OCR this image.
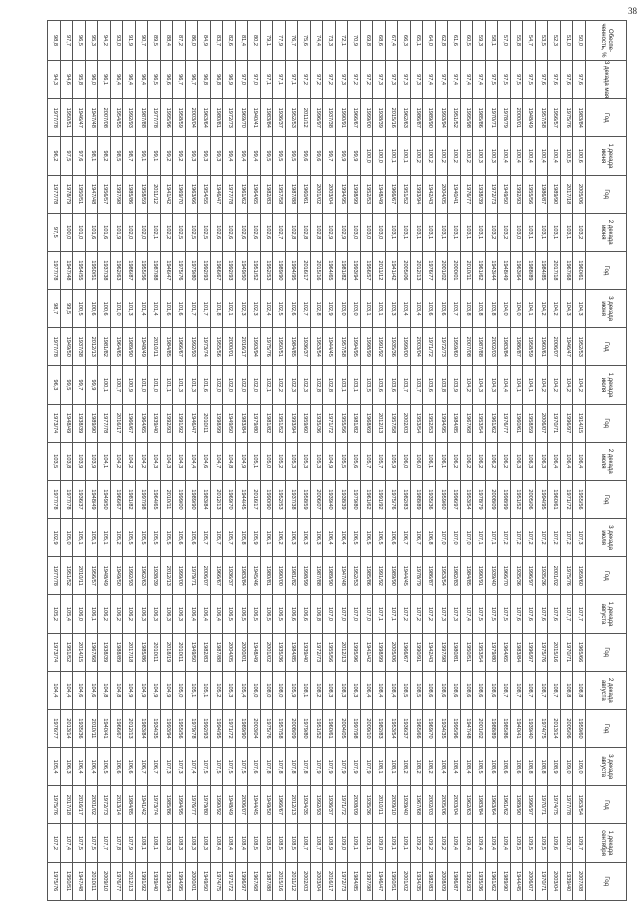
38
Обеспе-ченность, %	3 декада мая	Год	1 декада июня	Год	2 декада июня	Год	3 декада июня	Год	1 декада июля	Год	2 декада июля	Год	3 декада июля	Год	1 декада августа	Год	2 декада августа	Год	3 декада августа	Год	1 декада сентября	Год
50,0	97,6	1983/84	100,6	2005/06	103,2	1960/61	104,3	1952/53	104,2	1914/15	106,4	1955/56	107,3	1959/60	107,7	1965/66	108,8	1959/60	109,0	1953/54	109,7	2007/08
51,0	97,6	1975/76	100,5	2017/18	103,1	1967/68	104,3	1946/47	104,2	1996/97	106,4	1971/72	107,2	1975/76	107,7	1970/71	108,8	2005/06	109,0	1977/78	109,7	1939/40
52,3	97,6	1956/57	100,4	1989/90	103,1	2017/18	104,2	2006/07	104,2	1970/71	106,4	1960/61	107,2	2001/02	107,6	2015/16	108,7	2013/14	108,9	1974/75	109,6	2003/04
53,5	97,6	1957/58	100,4	1986/87	103,1	1984/85	104,2	1960/61	104,2	2006/07	106,3	1994/95	107,2	1935/36	107,6	1975/76	108,7	1974/75	108,8	1970/71	109,5	1970/71
54,7	97,5	1948/49	100,4	1955/56	103,1	1988/89	104,1	1958/59	104,1	1958/59	106,3	2005/06	107,2	1996/97	107,6	1996/97	108,7	1939/40	108,8	1996/97	109,5	2006/07
55,8	97,5	2000/01	100,4	1992/93	103,0	1963/64	104,0	1986/87	104,1	1960/61	106,3	1951/52	107,2	1935/36	107,6	1983/84	108,7	1940/41	108,6	1989/90	109,5	1944/45
57,0	97,5	1978/79	100,4	1949/50	103,2	1948/49	104,0	1983/84	104,4	1976/77	106,2	1998/99	107,2	1966/70	107,5	1964/65	108,7	1985/86	108,6	1961/62	109,4	1989/90
58,1	97,5	1970/71	100,3	1972/73	103,2	1943/44	103,8	2002/03	104,3	1961/62	106,2	2008/09	107,1	1939/40	107,5	1979/80	108,6	1988/89	108,6	1963/64	109,4	1961/62
59,3	97,4	1985/86	100,3	1938/39	103,1	1961/62	103,8	1987/88	104,3	1953/54	106,2	1978/79	107,1	1990/91	107,5	1953/54	108,6	2001/02	108,5	1983/84	109,4	1935/36
60,5	97,4	1995/98	100,2	1976/77	103,1	2010/11	103,8	2007/08	104,2	1967/68	106,2	1953/54	107,0	1984/85	107,4	1950/51	108,6	1947/48	108,4	1962/63	109,4	1992/93
61,6	97,4	1951/52	100,2	1940/41	103,1	2000/01	103,7	1959/60	103,9	1984/85	106,2	1996/97	107,0	1982/83	107,3	1980/81	108,6	1995/96	108,4	2003/04	109,4	1986/87
62,8	97,4	1993/94	100,2	2004/05	103,1	2001/02	103,6	1972/73	103,8	1994/95	106,1	1959/60	107,0	1953/54	107,3	1997/98	108,6	1934/35	108,4	2005/06	109,2	2008/09
64,0	97,4	1989/90	100,2	1942/43	103,1	1976/77	103,6	1971/72	103,6	1952/53	106,1	1935/36	106,8	1986/87	107,2	1942/43	108,6	1969/70	108,2	2002/03	109,2	1982/83
65,1	97,3	1986/87	100,2	1993/94	103,1	2012/13	103,4	2003/04	103,7	1953/54	106,0	1988/89	106,7	1978/79	107,2	1990/91	108,5	1965/66	108,2	1967/68	109,2	1934/35
66,3	97,3	1962/63	100,1	1951/52	103,1	2005/06	103,4	1999/00	103,7	2002/03	106,0	1982/83	106,7	1944/45	107,2	1966/67	108,5	1936/37	108,2	1939/40	109,1	2001/02
67,4	97,3	2015/16	100,1	1966/67	103,1	1941/42	103,3	1935/36	103,6	1957/58	105,9	1975/76	106,6	1989/90	107,1	2005/06	108,4	1953/54	108,1	2009/10	109,1	1950/51
68,6	97,3	1938/39	100,0	1948/49	103,0	2011/12	103,1	1991/92	103,6	2012/13	105,7	1991/92	106,5	1991/92	107,1	1998/99	108,4	1982/83	108,1	2010/11	109,0	1946/47
69,8	97,2	1999/00	100,0	1952/53	103,0	1956/57	103,1	1998/99	103,5	1968/69	105,7	1961/62	106,5	1985/86	107,0	1941/42	106,4	2009/10	107,9	1935/36	109,1	1997/98
70,9	97,2	1966/67	99,9	1998/99	103,0	1993/94	103,0	1994/95	103,1	1981/82	105,6	1979/80	106,5	1952/53	107,0	1995/96	106,3	1997/98	107,9	2008/09	109,1	1984/85
72,1	97,3	1990/91	99,9	1994/95	102,9	1981/82	103,0	1957/58	103,1	1955/56	105,5	1938/39	106,4	1947/48	107,0	2012/13	108,3	2004/05	107,9	1971/72	109,0	1972/73
73,3	97,2	1937/38	99,7	2003/04	102,9	1964/65	102,9	1944/45	102,8	1971/72	104,9	1939/40	106,4	1989/90	107,0	1955/56	108,3	1960/61	107,9	1936/37	108,9	2016/17
74,4	97,2	1996/97	99,6	2001/02	102,8	2015/16	102,8	1953/54	102,8	1935/36	105,3	2006/07	106,3	1987/88	106,8	1972/73	108,2	1951/52	107,9	1992/93	108,7	2003/04
75,6	97,2	2011/12	99,6	1960/61	102,8	2016/17	102,7	1936/37	102,3	1959/60	105,3	1958/59	106,3	1998/99	106,6	1939/40	108,1	1979/80	107,8	1934/35	108,7	2002/03
76,7	97,1	1952/53	99,5	1987/88	102,8	1994/95	102,6	1984/85	102,3	1993/94	105,3	1937/38	106,3	1981/82	106,6	1984/85	105,9	2008/09	107,8	2012/13	108,5	2011/12
77,9	97,1	1936/37	99,5	1957/58	102,7	1989/90	102,5	1950/51	102,2	1951/52	105,2	1952/53	106,2	1990/00	106,5	1935/36	108,0	1957/58	107,8	1966/67	108,5	2015/16
79,1	97,1	1983/84	99,5	1982/83	102,6	1952/53	102,4	1975/76	102,1	1981/82	105,0	1990/90	106,1	1980/81	106,5	2001/02	108,0	1975/76	107,8	1949/50	108,5	1987/88
80,2	97,0	1940/41	99,4	1964/65	102,6	1951/52	102,3	1993/94	102,0	1979/80	105,1	2016/17	105,9	1945/46	106,5	1948/49	106,0	2003/04	107,6	1944/45	108,5	1967/68
81,4	97,0	1969/70	99,4	1961/62	102,6	1949/50	102,3	2016/17	102,0	1983/84	104,9	1944/45	105,8	1983/84	106,5	2000/01	105,4	1989/90	107,5	2006/07	108,4	1996/97
82,6	96,9	1972/73	99,4	1977/78	102,6	1992/93	102,1	2000/01	102,0	1949/50	104,8	1969/70	105,7	1936/37	106,5	2004/05	105,3	1971/72	107,5	1948/49	108,4	1971/72
83,7	96,8	1980/81	99,3	1946/47	102,6	1966/67	101,8	1955/56	102,0	1998/99	104,7	2012/13	105,7	1966/67	106,4	1987/88	105,2	1994/95	107,5	1990/92	108,4	1974/75
84,9	96,8	1963/64	99,3	1954/55	102,5	1992/93	101,7	1973/74	101,6	2010/11	104,6	1983/84	105,7	2006/07	106,4	1982/83	105,1	1992/93	107,5	1979/80	108,3	1949/50
86,0	96,7	2003/04	99,3	1963/66	102,5	1979/80	101,7	1992/93	101,3	1946/47	104,4	1989/90	105,6	1979/71	106,4	1949/50	105,1	1979/78	107,4	1976/77	108,3	2000/01
87,2	96,7	1958/59	99,2	1969/70	102,5	1975/76	101,6	1966/67	101,3	1991/92	104,3	1999/00	105,6	1999/00	106,3	2010/11	105,0	1955/56	107,3	1994/95	108,3	1994/95
88,4	96,6	1995/96	99,2	1941/42	102,2	1946/47	101,6	1984/85	101,1	1992/93	104,3	2010/11	105,5	2012/13	106,3	2018/19	104,9	1993/94	107,3	1985/86	108,3	1993/94
89,5	96,5	1977/78	99,1	2011/12	102,1	1987/88	101,4	2010/11	101,0	1939/40	104,3	1964/65	105,5	1938/39	106,3	2010/11	104,9	1934/35	106,7	1973/74	108,1	1939/40
90,7	96,4	1987/88	99,1	1958/59	102,0	1955/56	101,4	1948/49	101,0	1964/65	104,2	1997/98	105,5	1962/63	106,3	1985/86	104,9	1983/84	106,7	1941/42	108,1	1991/92
91,9	96,4	1992/93	98,7	1985/86	102,0	1986/87	101,3	1989/90	100,9	1966/67	104,2	1981/82	105,5	1992/93	106,2	2017/18	104,9	2012/13	106,6	1984/85	107,9	2012/13
93,0	96,4	1954/55	98,5	1997/98	101,9	1962/63	101,0	1964/65	100,7	2016/17	104,2	1966/67	105,2	1949/50	106,2	1988/89	104,8	1966/67	106,6	2013/14	107,8	1976/77
94,2	96,1	2007/08	98,2	1956/57	101,6	1937/38	100,6	1981/82	100,1	1977/78	104,1	1949/50	105,1	1948/49	106,2	1938/39	104,8	1940/41	106,5	1972/73	107,7	2009/10
95,3	96,0	1947/48	98,1	1947/48	101,6	1950/51	100,6	2012/13	99,9	1989/90	103,9	1948/49	105,1	1956/57	106,1	1967/68	104,6	2010/11	106,4	2001/02	107,5	2010/11
96,5	95,8	1946/47	97,6	1950/51	101,0	1954/55	100,5	1937/38	99,7	1938/39	103,9	1936/37	105,1	2010/11	106,0	2014/15	104,6	1935/36	106,4	2016/17	107,5	1947/48
97,7	94,6	1950/51	97,5	1978/79	100,0	1947/48	99,5	1949/50	99,5	1948/49	103,8	1977/78	105,0	1951/52	105,4	1951/52	104,4	2013/14	106,3	2017/18	107,4	1950/51
98,8	94,3	1977/78	96,2	1977/78	97,5	1977/78	98,7	1977/78	96,3	1973/74	103,5	1977/78	102,9	1977/78	105,2	1973/74	104,4	1976/77	105,4	1975/76	107,2	1975/76
